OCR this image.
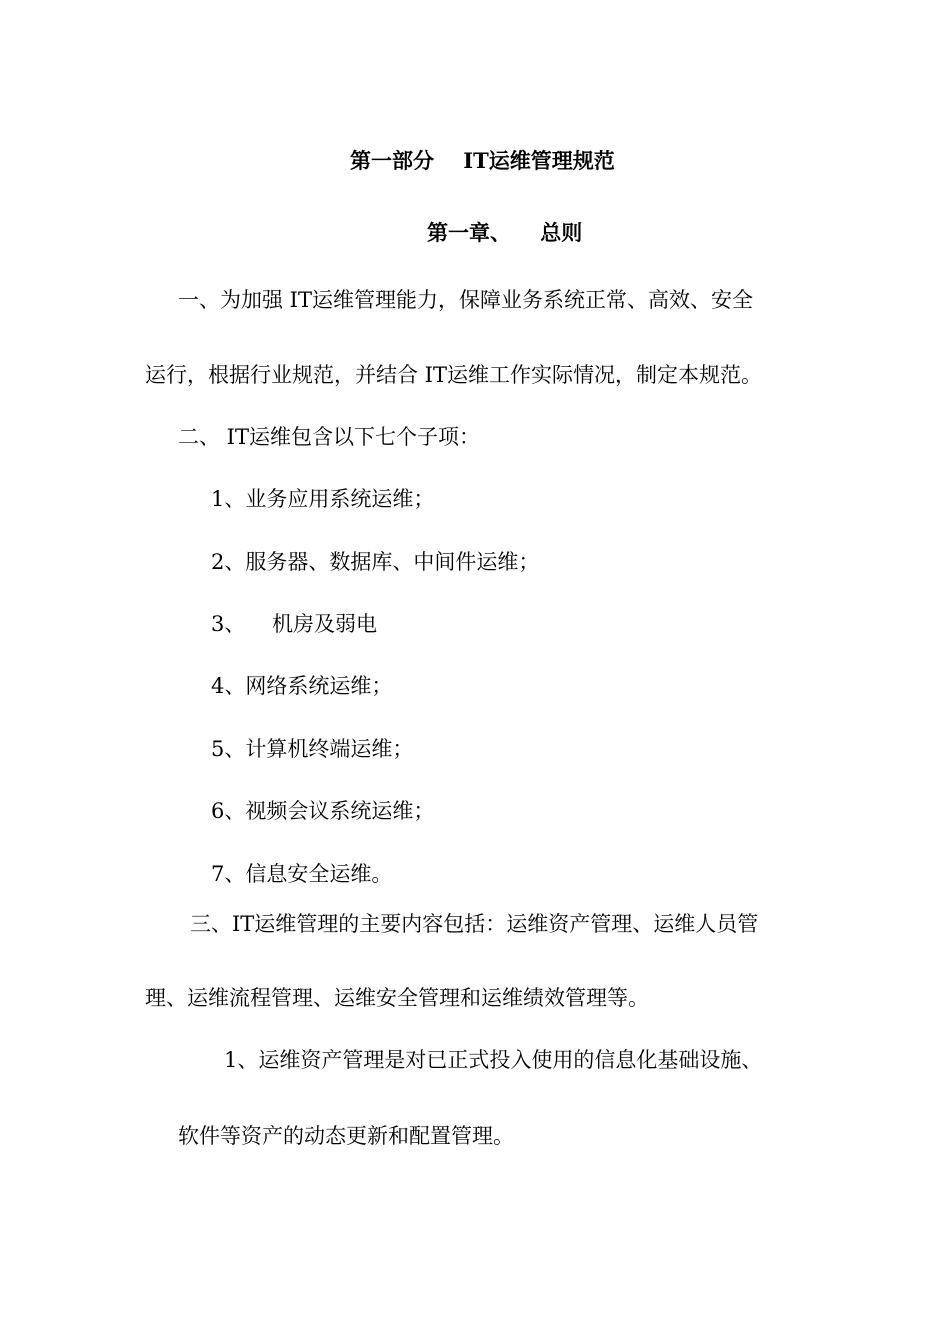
第一部分    IT运维管理规范
第一章、    总则
一、为加强 IT运维管理能力，保障业务系统正常、高效、安全
运行，根据行业规范，并结合 IT运维工作实际情况，制定本规范。
二、 IT运维包含以下七个子项：
1、业务应用系统运维；
2、服务器、数据库、中间件运维；
3、    机房及弱电
4、网络系统运维；
5、计算机终端运维；
6、视频会议系统运维；
7、信息安全运维。
三、IT运维管理的主要内容包括：运维资产管理、运维人员管
理、运维流程管理、运维安全管理和运维绩效管理等。
1、运维资产管理是对已正式投入使用的信息化基础设施、
软件等资产的动态更新和配置管理。
